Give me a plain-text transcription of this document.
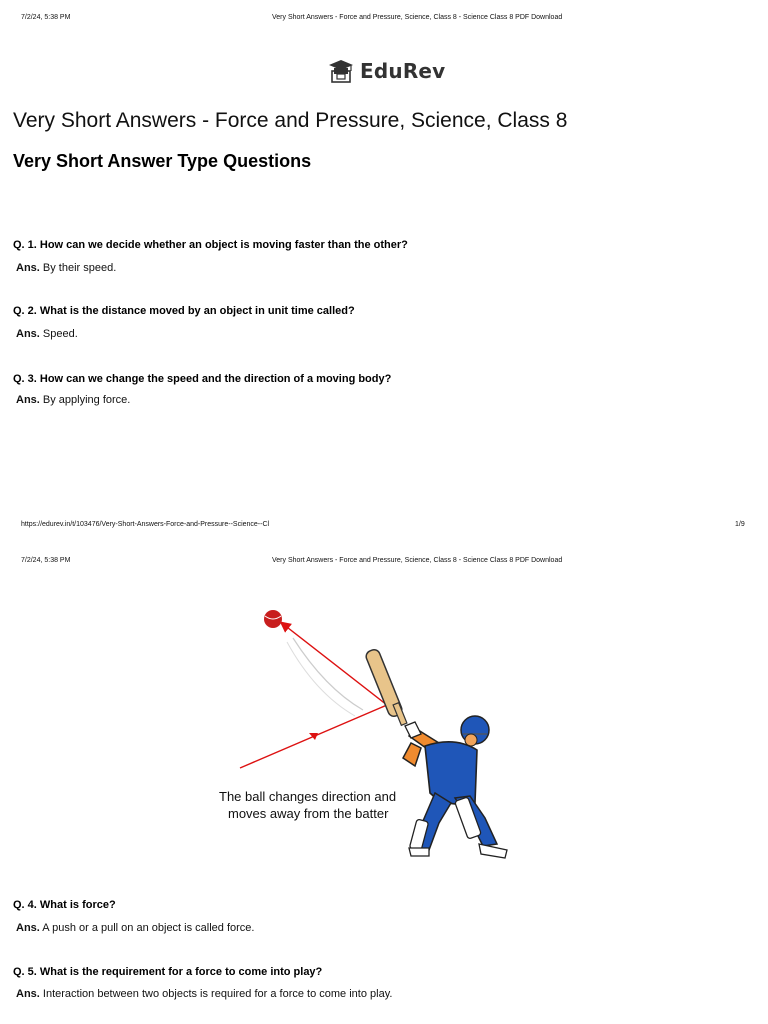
7/2/24, 5:38 PM	Very Short Answers - Force and Pressure, Science, Class 8 - Science Class 8 PDF Download
EduRev
Very Short Answers - Force and Pressure, Science, Class 8
Very Short Answer Type Questions
Q. 1. How can we decide whether an object is moving faster than the other?
Ans. By their speed.
Q. 2. What is the distance moved by an object in unit time called?
Ans. Speed.
Q. 3. How can we change the speed and the direction of a moving body?
Ans. By applying force.
https://edurev.in/t/103476/Very-Short-Answers-Force-and-Pressure--Science--Cl	1/9
7/2/24, 5:38 PM	Very Short Answers - Force and Pressure, Science, Class 8 - Science Class 8 PDF Download
The ball changes direction and
moves away from the batter
Q. 4. What is force?
Ans. A push or a pull on an object is called force.
Q. 5. What is the requirement for a force to come into play?
Ans. Interaction between two objects is required for a force to come into play.
